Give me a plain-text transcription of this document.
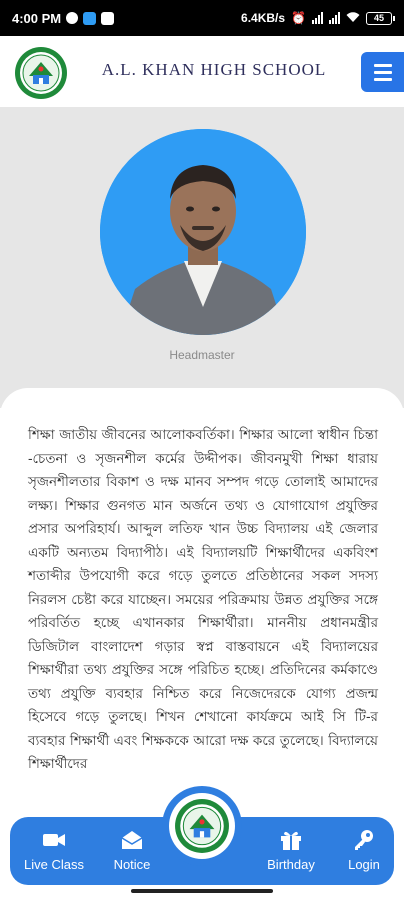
4:00 PM	6.4KB/s ⏰	45
A.L. KHAN HIGH SCHOOL
Headmaster

শিক্ষা জাতীয় জীবনের আলোকবর্তিকা। শিক্ষার আলো স্বাধীন চিন্তা -চেতনা ও সৃজনশীল কর্মের উদ্দীপক। জীবনমুখী শিক্ষা ধারায় সৃজনশীলতার বিকাশ ও দক্ষ মানব সম্পদ গড়ে তোলাই আমাদের লক্ষ্য। শিক্ষার গুনগত মান অর্জনে তথ্য ও যোগাযোগ প্রযুক্তির প্রসার অপরিহার্য। আব্দুল লতিফ খান উচ্চ বিদ্যালয় এই জেলার একটি অন্যতম বিদ্যাপীঠ। এই বিদ্যালয়টি শিক্ষার্থীদের একবিংশ শতাব্দীর উপযোগী করে গড়ে তুলতে প্রতিষ্ঠানের সকল সদস্য নিরলস চেষ্টা করে যাচ্ছেন। সময়ের পরিক্রমায় উন্নত প্রযুক্তির সঙ্গে পরিবর্তিত হচ্ছে এখানকার শিক্ষার্থীরা। মাননীয় প্রধানমন্ত্রীর ডিজিটাল বাংলাদেশ গড়ার স্বপ্ন বাস্তবায়নে এই বিদ্যালয়ের শিক্ষার্থীরা তথ্য প্রযুক্তির সঙ্গে পরিচিত হচ্ছে। প্রতিদিনের কর্মকাণ্ডে তথ্য প্রযুক্তি ব্যবহার নিশ্চিত করে নিজেদেরকে যোগ্য প্রজন্ম হিসেবে গড়ে তুলছে। শিখন শেখানো কার্যক্রমে আই সি টি-র ব্যবহার শিক্ষার্থী এবং শিক্ষককে আরো দক্ষ করে তুলেছে। বিদ্যালয়ে শিক্ষার্থীদের

Live Class	Notice	Birthday	Login
